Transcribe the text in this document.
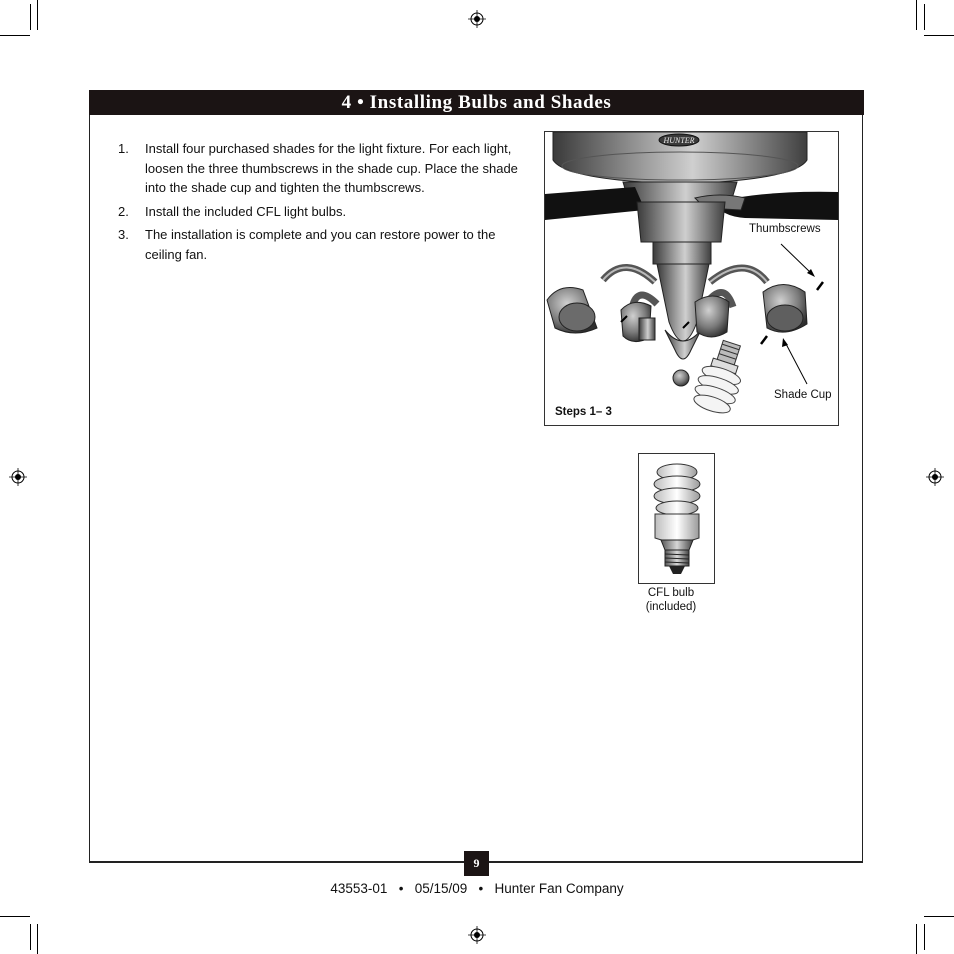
4 • Installing Bulbs and Shades
1. Install four purchased shades for the light fixture. For each light, loosen the three thumbscrews in the shade cup. Place the shade into the shade cup and tighten the thumbscrews.
2. Install the included CFL light bulbs.
3. The installation is complete and you can restore power to the ceiling fan.
HUNTER
Thumbscrews
Shade Cup
Steps 1– 3
CFL bulb
(included)
9
43553-01   •   05/15/09   •   Hunter Fan Company
